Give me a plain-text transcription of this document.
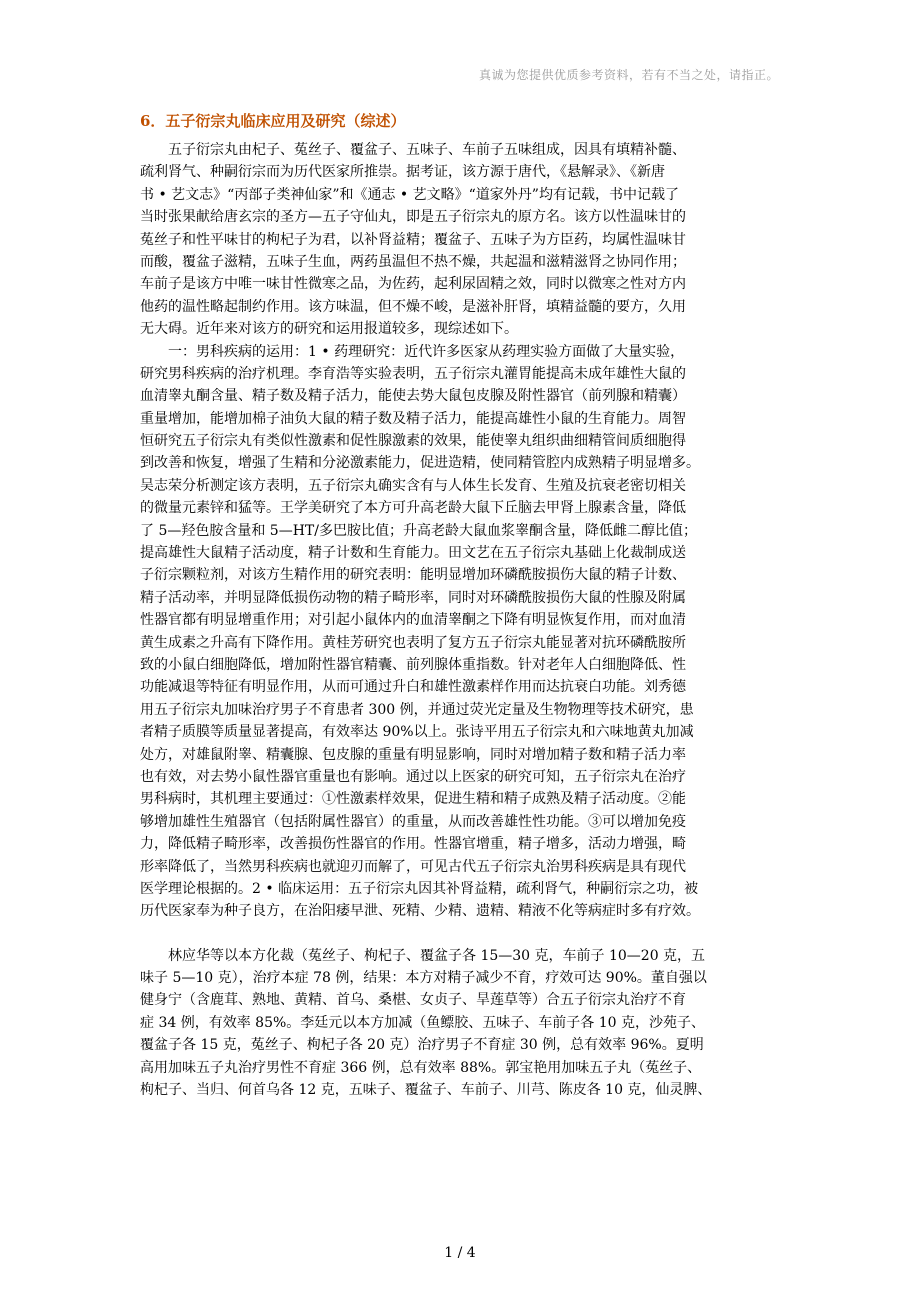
真诚为您提供优质参考资料，若有不当之处，请指正。
6．五子衍宗丸临床应用及研究（综述）
　　五子衍宗丸由杞子、菟丝子、覆盆子、五味子、车前子五味组成，因具有填精补髓、
疏利肾气、种嗣衍宗而为历代医家所推崇。据考证，该方源于唐代，《悬解录》、《新唐
书 • 艺文志》“丙部子类神仙家”和《通志 • 艺文略》“道家外丹”均有记载，书中记载了
当时张果献给唐玄宗的圣方—五子守仙丸，即是五子衍宗丸的原方名。该方以性温味甘的
菟丝子和性平味甘的枸杞子为君，以补肾益精；覆盆子、五味子为方臣药，均属性温味甘
而酸，覆盆子滋精，五味子生血，两药虽温但不热不燥，共起温和滋精滋肾之协同作用；
车前子是该方中唯一味甘性微寒之品，为佐药，起利尿固精之效，同时以微寒之性对方内
他药的温性略起制约作用。该方味温，但不燥不峻，是滋补肝肾，填精益髓的要方，久用
无大碍。近年来对该方的研究和运用报道较多，现综述如下。
　　一：男科疾病的运用：1 • 药理研究：近代许多医家从药理实验方面做了大量实验，
研究男科疾病的治疗机理。李育浩等实验表明，五子衍宗丸灌胃能提高未成年雄性大鼠的
血清睾丸酮含量、精子数及精子活力，能使去势大鼠包皮腺及附性器官（前列腺和精囊）
重量增加，能增加棉子油负大鼠的精子数及精子活力，能提高雄性小鼠的生育能力。周智
恒研究五子衍宗丸有类似性激素和促性腺激素的效果，能使睾丸组织曲细精管间质细胞得
到改善和恢复，增强了生精和分泌激素能力，促进造精，使同精管腔内成熟精子明显增多。
吴志荣分析测定该方表明，五子衍宗丸确实含有与人体生长发育、生殖及抗衰老密切相关
的微量元素锌和猛等。王学美研究了本方可升高老龄大鼠下丘脑去甲肾上腺素含量，降低
了 5—羟色胺含量和 5—HT/多巴胺比值；升高老龄大鼠血浆睾酮含量，降低雌二醇比值；
提高雄性大鼠精子活动度，精子计数和生育能力。田文艺在五子衍宗丸基础上化裁制成送
子衍宗颗粒剂，对该方生精作用的研究表明：能明显增加环磷酰胺损伤大鼠的精子计数、
精子活动率，并明显降低损伤动物的精子畸形率，同时对环磷酰胺损伤大鼠的性腺及附属
性器官都有明显增重作用；对引起小鼠体内的血清睾酮之下降有明显恢复作用，而对血清
黄生成素之升高有下降作用。黄桂芳研究也表明了复方五子衍宗丸能显著对抗环磷酰胺所
致的小鼠白细胞降低，增加附性器官精囊、前列腺体重指数。针对老年人白细胞降低、性
功能减退等特征有明显作用，从而可通过升白和雄性激素样作用而达抗衰白功能。刘秀德
用五子衍宗丸加味治疗男子不育患者 300 例，并通过荧光定量及生物物理等技术研究，患
者精子质膜等质量显著提高，有效率达 90%以上。张诗平用五子衍宗丸和六味地黄丸加减
处方，对雄鼠附睾、精囊腺、包皮腺的重量有明显影响，同时对增加精子数和精子活力率
也有效，对去势小鼠性器官重量也有影响。通过以上医家的研究可知，五子衍宗丸在治疗
男科病时，其机理主要通过：①性激素样效果，促进生精和精子成熟及精子活动度。②能
够增加雄性生殖器官（包括附属性器官）的重量，从而改善雄性性功能。③可以增加免疫
力，降低精子畸形率，改善损伤性器官的作用。性器官增重，精子增多，活动力增强，畸
形率降低了，当然男科疾病也就迎刃而解了，可见古代五子衍宗丸治男科疾病是具有现代
医学理论根据的。2 • 临床运用：五子衍宗丸因其补肾益精，疏利肾气，种嗣衍宗之功，被
历代医家奉为种子良方，在治阳痿早泄、死精、少精、遗精、精液不化等病症时多有疗效。
　　林应华等以本方化裁（菟丝子、枸杞子、覆盆子各 15—30 克，车前子 10—20 克，五
味子 5—10 克），治疗本症 78 例，结果：本方对精子减少不育，疗效可达 90%。董自强以
健身宁（含鹿茸、熟地、黄精、首乌、桑椹、女贞子、旱莲草等）合五子衍宗丸治疗不育
症 34 例，有效率 85%。李廷元以本方加减（鱼鳔胶、五味子、车前子各 10 克，沙苑子、
覆盆子各 15 克，菟丝子、枸杞子各 20 克）治疗男子不育症 30 例，总有效率 96%。夏明
高用加味五子丸治疗男性不育症 366 例，总有效率 88%。郭宝艳用加味五子丸（菟丝子、
枸杞子、当归、何首乌各 12 克，五味子、覆盆子、车前子、川芎、陈皮各 10 克，仙灵脾、
1 / 4
